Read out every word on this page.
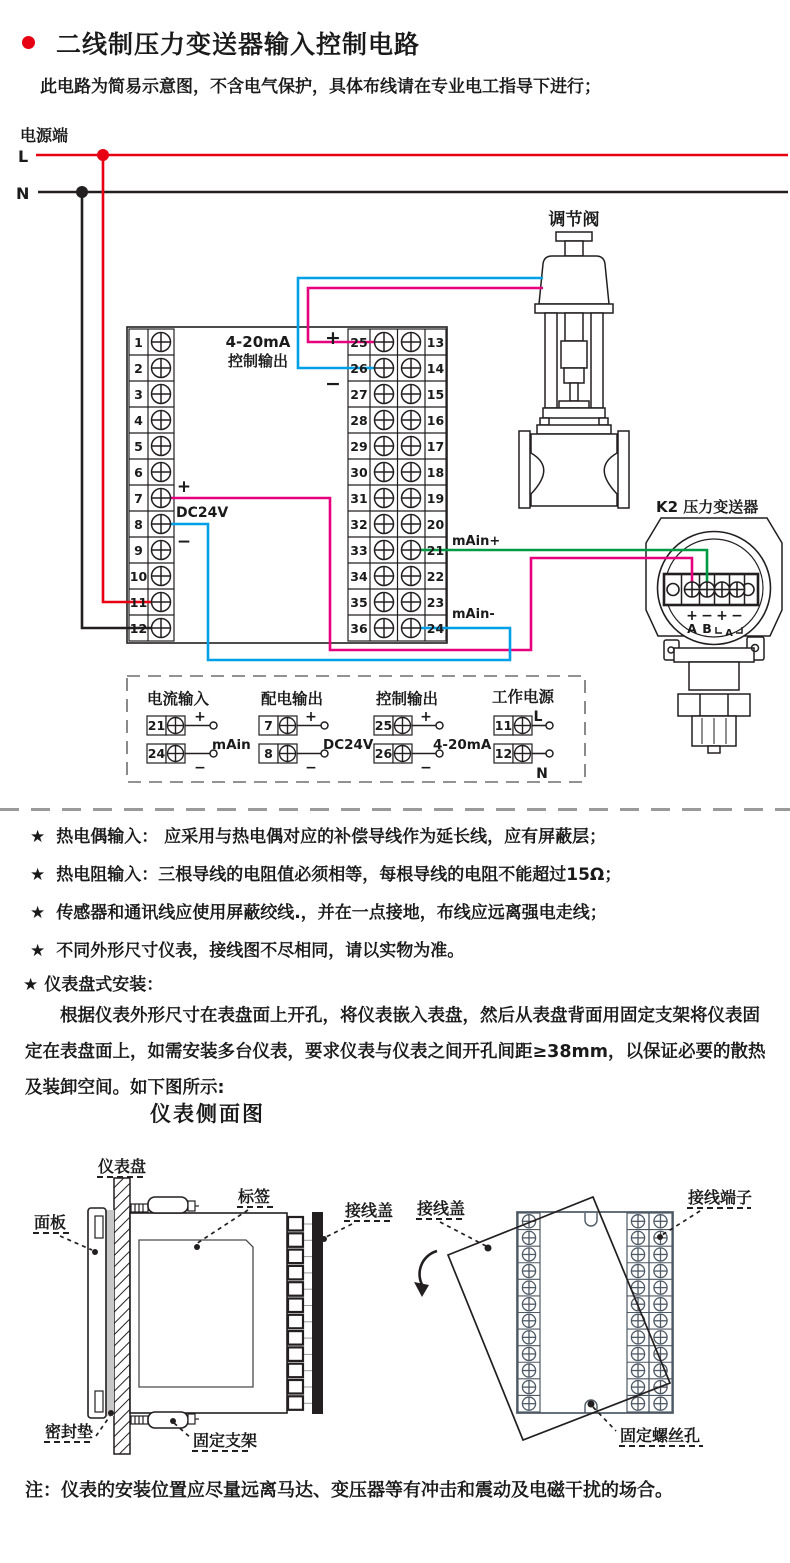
二线制压力变送器输入控制电路
此电路为简易示意图，不含电气保护，具体布线请在专业电工指导下进行；
电源端
L
N
调节阀
K2 压力变送器
1
2
3
4
5
6
7
8
9
10
11
12
25
26
27
28
29
30
31
32
33
34
35
36
13
14
15
16
17
18
19
20
21
22
23
24
4-20mA
控制输出
+
−
+
DC24V
−	mAin+
mAin-	+ − + −
A B A
电流输入
21
24
+
−
mAin
配电输出
7
8
+
−
DC24V
控制输出
25
26
+
−
4-20mA
工作电源
11
12
L
N
★ 热电偶输入： 应采用与热电偶对应的补偿导线作为延长线，应有屏蔽层；
★ 热电阻输入：三根导线的电阻值必须相等，每根导线的电阻不能超过15Ω；
★ 传感器和通讯线应使用屏蔽绞线.，并在一点接地，布线应远离强电走线；
★ 不同外形尺寸仪表，接线图不尽相同，请以实物为准。
★ 仪表盘式安装：
根据仪表外形尺寸在表盘面上开孔，将仪表嵌入表盘，然后从表盘背面用固定支架将仪表固定在表盘面上，如需安装多台仪表，要求仪表与仪表之间开孔间距≥38mm，以保证必要的散热及装卸空间。如下图所示:
仪表侧面图
仪表盘
面板
标签
接线盖
密封垫	固定支架
接线盖
接线端子
固定螺丝孔
注：仪表的安装位置应尽量远离马达、变压器等有冲击和震动及电磁干扰的场合。
